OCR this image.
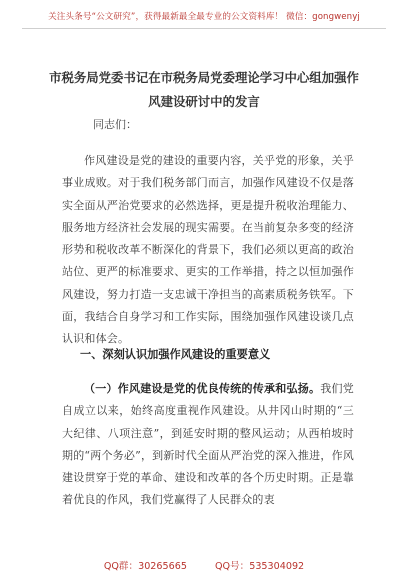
关注头条号“公文研究”，获得最新最全最专业的公文资料库！ 微信：gongwenyj
市税务局党委书记在市税务局党委理论学习中心组加强作风建设研讨中的发言
同志们：
作风建设是党的建设的重要内容，关乎党的形象，关乎事业成败。对于我们税务部门而言，加强作风建设不仅是落实全面从严治党要求的必然选择，更是提升税收治理能力、服务地方经济社会发展的现实需要。在当前复杂多变的经济形势和税收改革不断深化的背景下，我们必须以更高的政治站位、更严的标准要求、更实的工作举措，持之以恒加强作风建设，努力打造一支忠诚干净担当的高素质税务铁军。下面，我结合自身学习和工作实际，围绕加强作风建设谈几点认识和体会。
一、深刻认识加强作风建设的重要意义
（一）作风建设是党的优良传统的传承和弘扬。我们党自成立以来，始终高度重视作风建设。从井冈山时期的“三大纪律、八项注意”，到延安时期的整风运动；从西柏坡时期的“两个务必”，到新时代全面从严治党的深入推进，作风建设贯穿于党的革命、建设和改革的各个历史时期。正是靠着优良的作风，我们党赢得了人民群众的衷
QQ群：30265665	QQ号：535304092
